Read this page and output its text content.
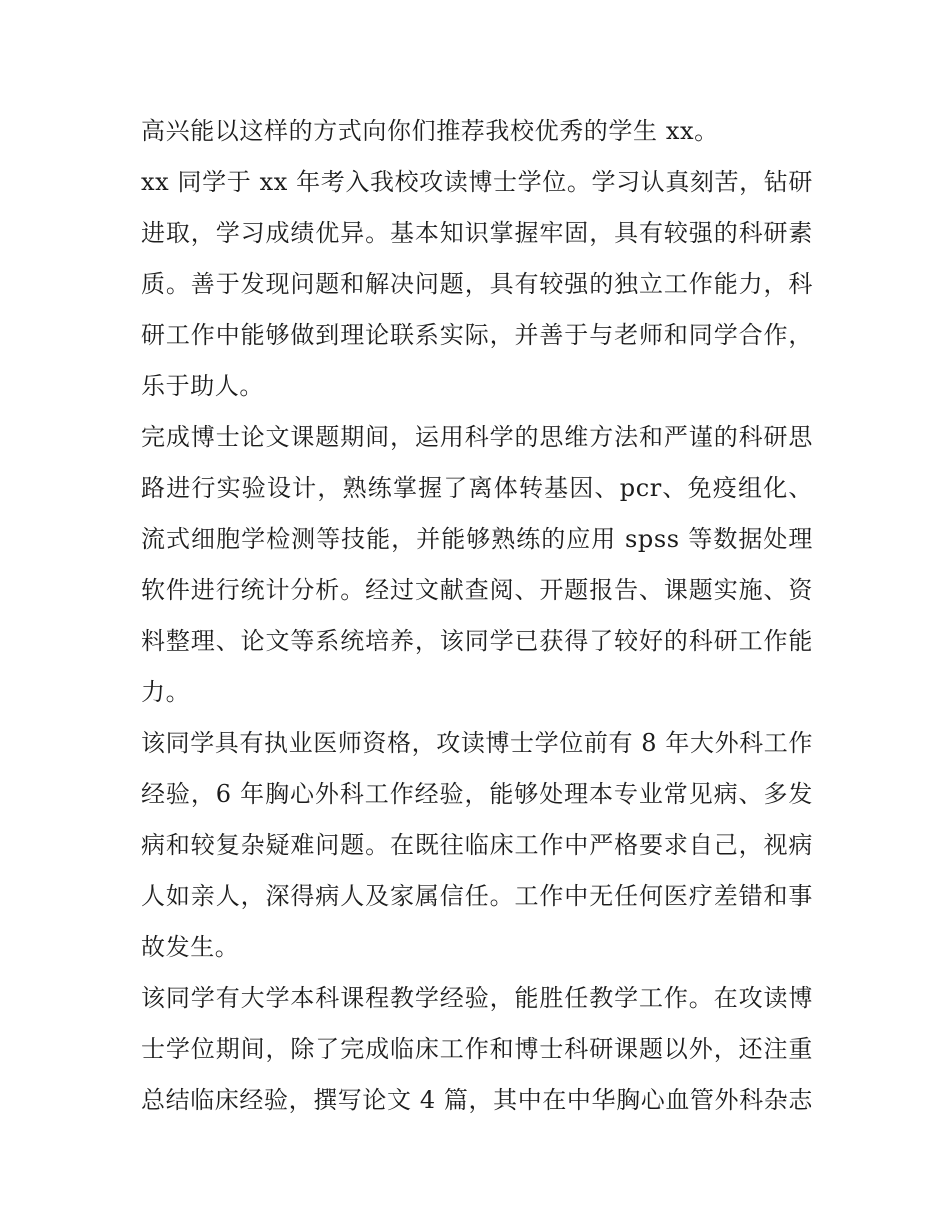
高兴能以这样的方式向你们推荐我校优秀的学生 xx。

xx 同学于 xx 年考入我校攻读博士学位。学习认真刻苦，钻研进取，学习成绩优异。基本知识掌握牢固，具有较强的科研素质。善于发现问题和解决问题，具有较强的独立工作能力，科研工作中能够做到理论联系实际，并善于与老师和同学合作，乐于助人。

完成博士论文课题期间，运用科学的思维方法和严谨的科研思路进行实验设计，熟练掌握了离体转基因、pcr、免疫组化、流式细胞学检测等技能，并能够熟练的应用 spss 等数据处理软件进行统计分析。经过文献查阅、开题报告、课题实施、资料整理、论文等系统培养，该同学已获得了较好的科研工作能力。

该同学具有执业医师资格，攻读博士学位前有 8 年大外科工作经验，6 年胸心外科工作经验，能够处理本专业常见病、多发病和较复杂疑难问题。在既往临床工作中严格要求自己，视病人如亲人，深得病人及家属信任。工作中无任何医疗差错和事故发生。

该同学有大学本科课程教学经验，能胜任教学工作。在攻读博士学位期间，除了完成临床工作和博士科研课题以外，还注重总结临床经验，撰写论文 4 篇，其中在中华胸心血管外科杂志
